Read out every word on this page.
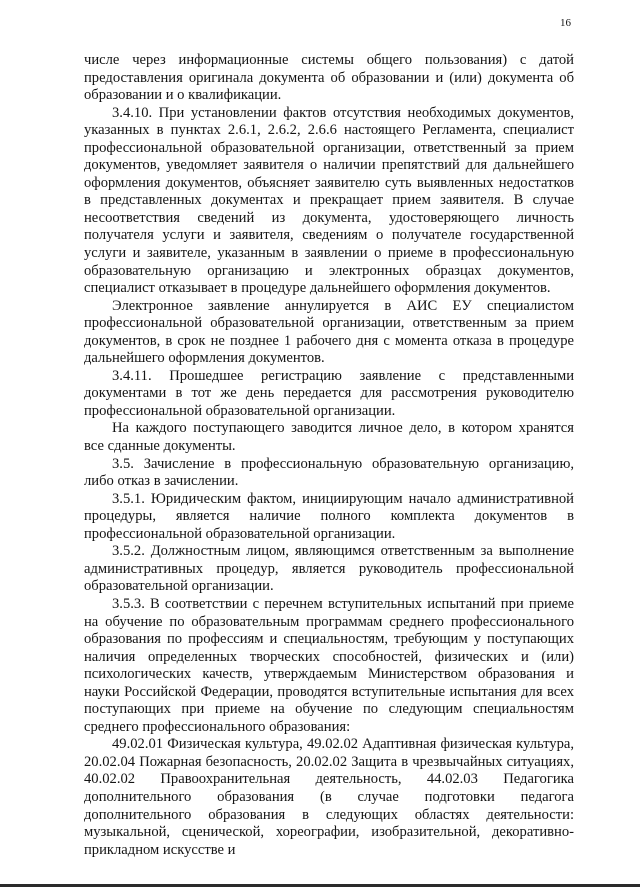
16

числе через информационные системы общего пользования) с датой предоставления оригинала документа об образовании и (или) документа об образовании и о квалификации.

3.4.10. При установлении фактов отсутствия необходимых документов, указанных в пунктах 2.6.1, 2.6.2, 2.6.6 настоящего Регламента, специалист профессиональной образовательной организации, ответственный за прием документов, уведомляет заявителя о наличии препятствий для дальнейшего оформления документов, объясняет заявителю суть выявленных недостатков в представленных документах и прекращает прием заявителя. В случае несоответствия сведений из документа, удостоверяющего личность получателя услуги и заявителя, сведениям о получателе государственной услуги и заявителе, указанным в заявлении о приеме в профессиональную образовательную организацию и электронных образцах документов, специалист отказывает в процедуре дальнейшего оформления документов.

Электронное заявление аннулируется в АИС ЕУ специалистом профессиональной образовательной организации, ответственным за прием документов, в срок не позднее 1 рабочего дня с момента отказа в процедуре дальнейшего оформления документов.

3.4.11. Прошедшее регистрацию заявление с представленными документами в тот же день передается для рассмотрения руководителю профессиональной образовательной организации.

На каждого поступающего заводится личное дело, в котором хранятся все сданные документы.

3.5. Зачисление в профессиональную образовательную организацию, либо отказ в зачислении.

3.5.1. Юридическим фактом, инициирующим начало административной процедуры, является наличие полного комплекта документов в профессиональной образовательной организации.

3.5.2. Должностным лицом, являющимся ответственным за выполнение административных процедур, является руководитель профессиональной образовательной организации.

3.5.3. В соответствии с перечнем вступительных испытаний при приеме на обучение по образовательным программам среднего профессионального образования по профессиям и специальностям, требующим у поступающих наличия определенных творческих способностей, физических и (или) психологических качеств, утверждаемым Министерством образования и науки Российской Федерации, проводятся вступительные испытания для всех поступающих при приеме на обучение по следующим специальностям среднего профессионального образования:

49.02.01 Физическая культура, 49.02.02 Адаптивная физическая культура, 20.02.04 Пожарная безопасность, 20.02.02 Защита в чрезвычайных ситуациях, 40.02.02 Правоохранительная деятельность, 44.02.03 Педагогика дополнительного образования (в случае подготовки педагога дополнительного образования в следующих областях деятельности: музыкальной, сценической, хореографии, изобразительной, декоративно-прикладном искусстве и
